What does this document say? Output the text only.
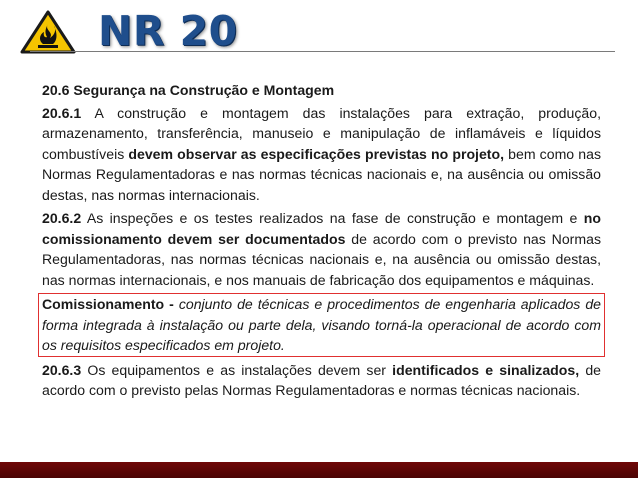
NR 20
20.6 Segurança na Construção e Montagem
20.6.1 A construção e montagem das instalações para extração, produção, armazenamento, transferência, manuseio e manipulação de inflamáveis e líquidos combustíveis devem observar as especificações previstas no projeto, bem como nas Normas Regulamentadoras e nas normas técnicas nacionais e, na ausência ou omissão destas, nas normas internacionais.
20.6.2 As inspeções e os testes realizados na fase de construção e montagem e no comissionamento devem ser documentados de acordo com o previsto nas Normas Regulamentadoras, nas normas técnicas nacionais e, na ausência ou omissão destas, nas normas internacionais, e nos manuais de fabricação dos equipamentos e máquinas.
Comissionamento - conjunto de técnicas e procedimentos de engenharia aplicados de forma integrada à instalação ou parte dela, visando torná-la operacional de acordo com os requisitos especificados em projeto.
20.6.3 Os equipamentos e as instalações devem ser identificados e sinalizados, de acordo com o previsto pelas Normas Regulamentadoras e normas técnicas nacionais.
